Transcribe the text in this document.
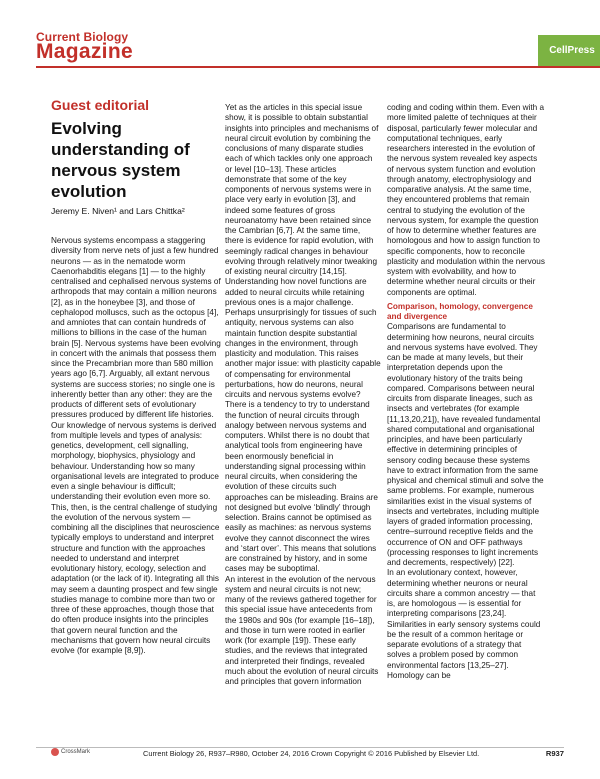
Current Biology
Magazine	CellPress
Guest editorial
Evolving understanding of nervous system evolution
Jeremy E. Niven¹ and Lars Chittka²

Nervous systems encompass a staggering diversity from nerve nets of just a few hundred neurons — as in the nematode worm Caenorhabditis elegans [1] — to the highly centralised and cephalised nervous systems of arthropods that may contain a million neurons [2], as in the honeybee [3], and those of cephalopod molluscs, such as the octopus [4], and amniotes that can contain hundreds of millions to billions in the case of the human brain [5]. Nervous systems have been evolving in concert with the animals that possess them since the Precambrian more than 580 million years ago [6,7]. Arguably, all extant nervous systems are success stories; no single one is inherently better than any other: they are the products of different sets of evolutionary pressures produced by different life histories. Our knowledge of nervous systems is derived from multiple levels and types of analysis: genetics, development, cell signalling, morphology, biophysics, physiology and behaviour. Understanding how so many organisational levels are integrated to produce even a single behaviour is difficult; understanding their evolution even more so. This, then, is the central challenge of studying the evolution of the nervous system — combining all the disciplines that neuroscience typically employs to understand and interpret structure and function with the approaches needed to understand and interpret evolutionary history, ecology, selection and adaptation (or the lack of it). Integrating all this may seem a daunting prospect and few single studies manage to combine more than two or three of these approaches, though those that do often produce insights into the principles that govern neural function and the mechanisms that govern how neural circuits evolve (for example [8,9]).

Yet as the articles in this special issue show, it is possible to obtain substantial insights into principles and mechanisms of neural circuit evolution by combining the conclusions of many disparate studies each of which tackles only one approach or level [10–13]. These articles demonstrate that some of the key components of nervous systems were in place very early in evolution [3], and indeed some features of gross neuroanatomy have been retained since the Cambrian [6,7]. At the same time, there is evidence for rapid evolution, with seemingly radical changes in behaviour evolving through relatively minor tweaking of existing neural circuitry [14,15]. Understanding how novel functions are added to neural circuits while retaining previous ones is a major challenge. Perhaps unsurprisingly for tissues of such antiquity, nervous systems can also maintain function despite substantial changes in the environment, through plasticity and modulation. This raises another major issue: with plasticity capable of compensating for environmental perturbations, how do neurons, neural circuits and nervous systems evolve?
There is a tendency to try to understand the function of neural circuits through analogy between nervous systems and computers. Whilst there is no doubt that analytical tools from engineering have been enormously beneficial in understanding signal processing within neural circuits, when considering the evolution of these circuits such approaches can be misleading. Brains are not designed but evolve ‘blindly’ through selection. Brains cannot be optimised as easily as machines: as nervous systems evolve they cannot disconnect the wires and ‘start over’. This means that solutions are constrained by history, and in some cases may be suboptimal.
An interest in the evolution of the nervous system and neural circuits is not new; many of the reviews gathered together for this special issue have antecedents from the 1980s and 90s (for example [16–18]), and those in turn were rooted in earlier work (for example [19]). These early studies, and the reviews that integrated and interpreted their findings, revealed much about the evolution of neural circuits and principles that govern information

coding and coding within them. Even with a more limited palette of techniques at their disposal, particularly fewer molecular and computational techniques, early researchers interested in the evolution of the nervous system revealed key aspects of nervous system function and evolution through anatomy, electrophysiology and comparative analysis. At the same time, they encountered problems that remain central to studying the evolution of the nervous system, for example the question of how to determine whether features are homologous and how to assign function to specific components, how to reconcile plasticity and modulation within the nervous system with evolvability, and how to determine whether neural circuits or their components are optimal.

Comparison, homology, convergence and divergence

Comparisons are fundamental to determining how neurons, neural circuits and nervous systems have evolved. They can be made at many levels, but their interpretation depends upon the evolutionary history of the traits being compared. Comparisons between neural circuits from disparate lineages, such as insects and vertebrates (for example [11,13,20,21]), have revealed fundamental shared computational and organisational principles, and have been particularly effective in determining principles of sensory coding because these systems have to extract information from the same physical and chemical stimuli and solve the same problems. For example, numerous similarities exist in the visual systems of insects and vertebrates, including multiple layers of graded information processing, centre–surround receptive fields and the occurrence of ON and OFF pathways (processing responses to light increments and decrements, respectively) [22].
In an evolutionary context, however, determining whether neurons or neural circuits share a common ancestry — that is, are homologous — is essential for interpreting comparisons [23,24]. Similarities in early sensory systems could be the result of a common heritage or separate evolutions of a strategy that solves a problem posed by common environmental factors [13,25–27]. Homology can be

CrossMark	Current Biology 26, R937–R980, October 24, 2016 Crown Copyright © 2016 Published by Elsevier Ltd.	R937
